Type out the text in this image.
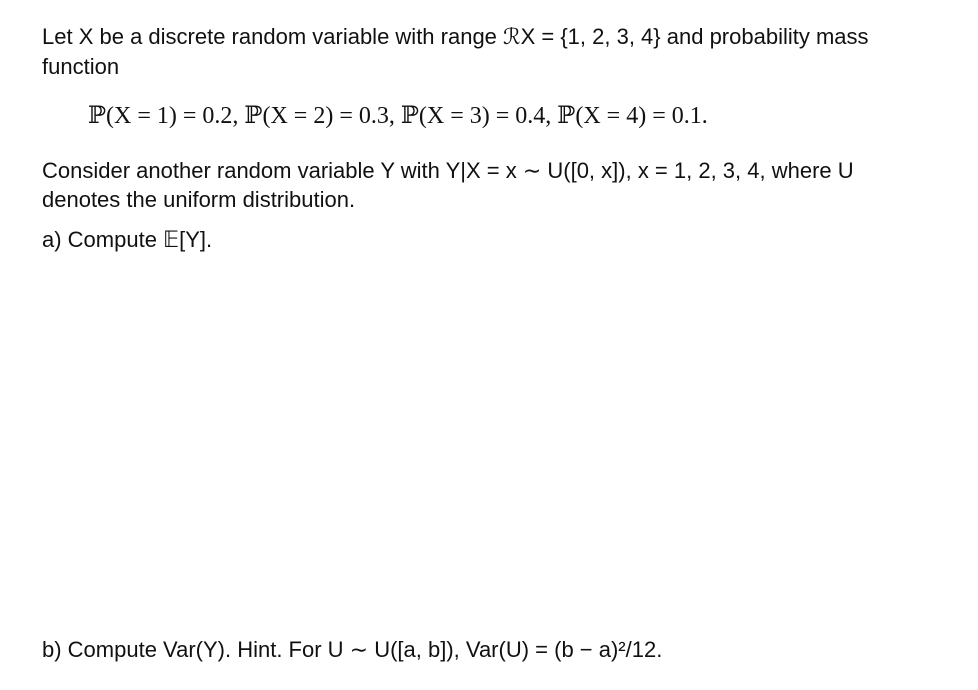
Let X be a discrete random variable with range ℛX = {1, 2, 3, 4} and probability mass
function
ℙ(X = 1) = 0.2, ℙ(X = 2) = 0.3, ℙ(X = 3) = 0.4, ℙ(X = 4) = 0.1.
Consider another random variable Y with Y|X = x ∼ U([0, x]), x = 1, 2, 3, 4, where U
denotes the uniform distribution.
a) Compute 𝔼[Y].
b) Compute Var(Y). Hint. For U ∼ U([a, b]), Var(U) = (b − a)²/12.
